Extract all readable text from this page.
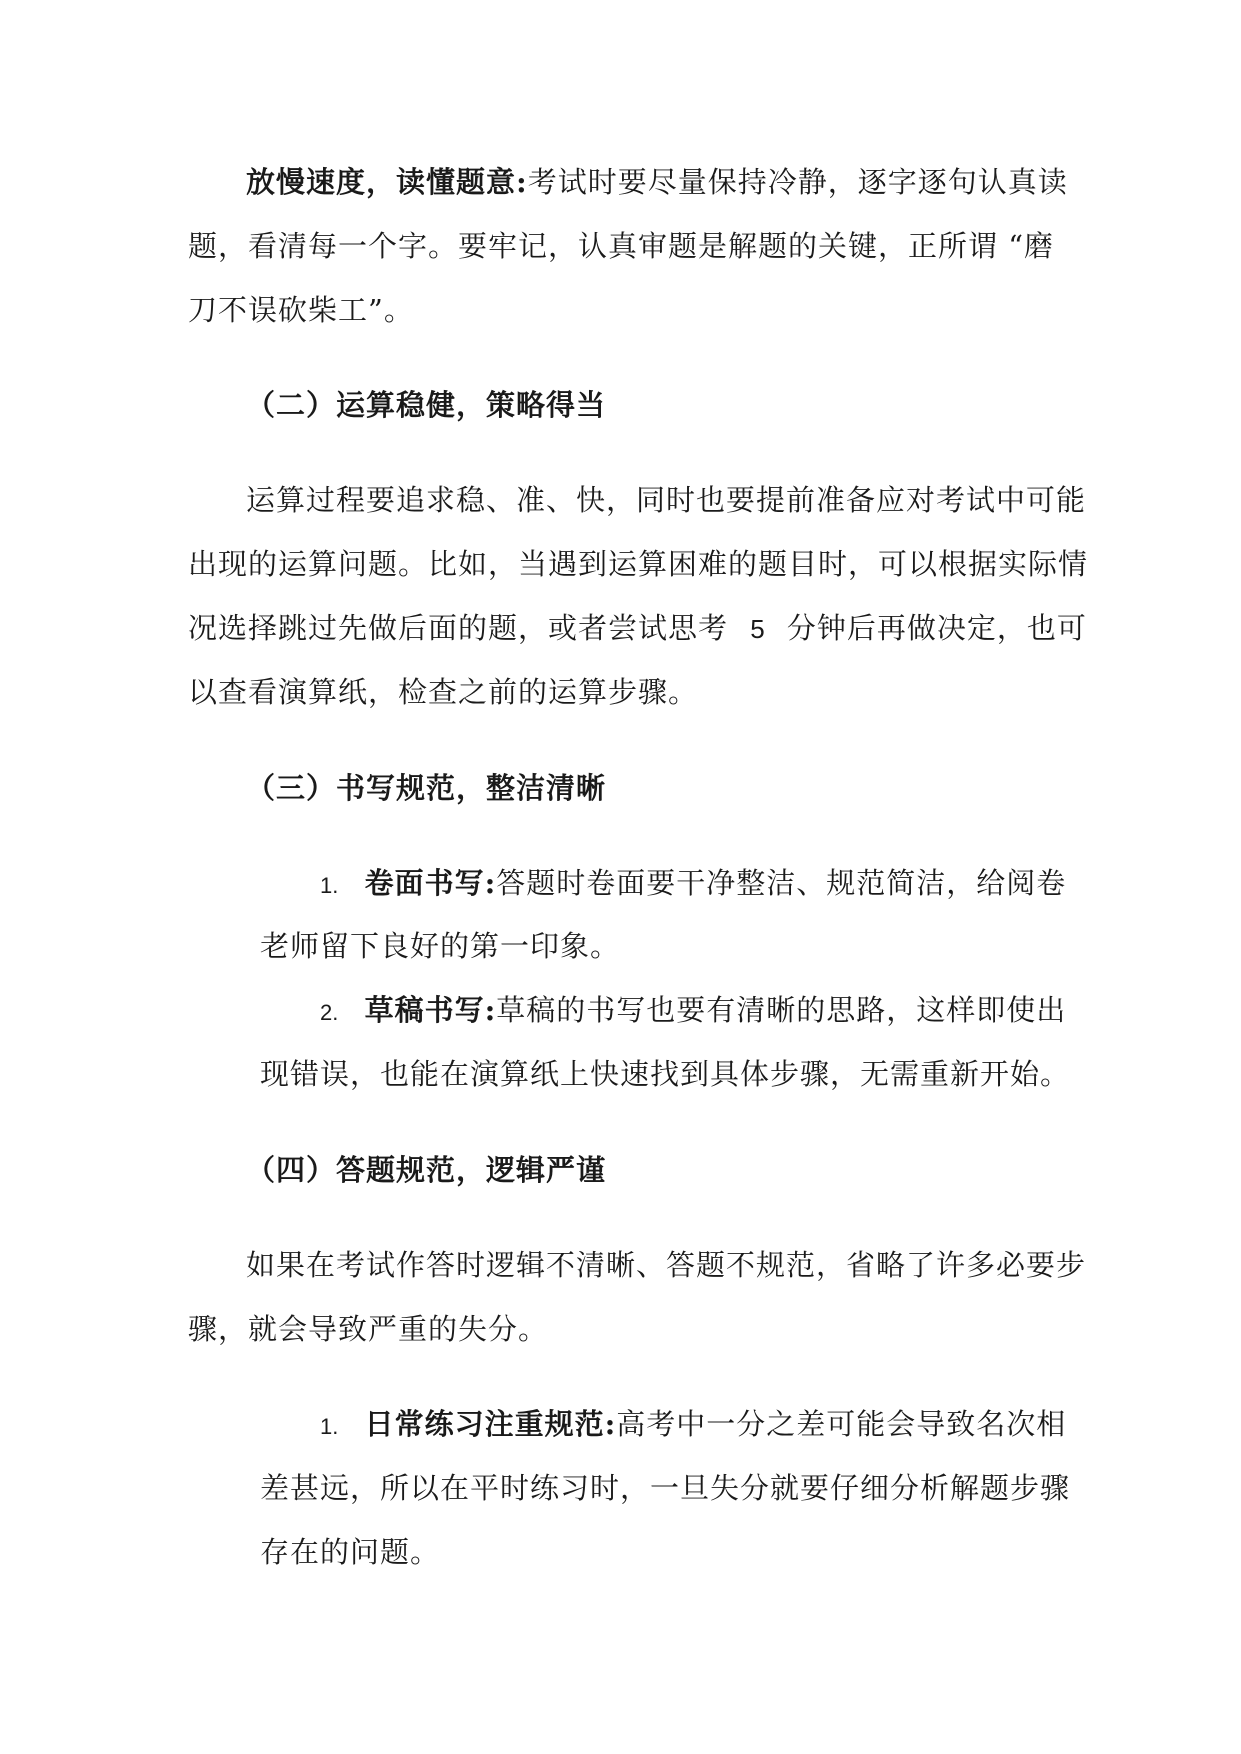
放慢速度，读懂题意:考试时要尽量保持冷静，逐字逐句认真读
题，看清每一个字。要牢记，认真审题是解题的关键，正所谓 “磨
刀不误砍柴工”。
（二）运算稳健，策略得当
运算过程要追求稳、准、快，同时也要提前准备应对考试中可能
出现的运算问题。比如，当遇到运算困难的题目时，可以根据实际情
况选择跳过先做后面的题，或者尝试思考 5 分钟后再做决定，也可
以查看演算纸，检查之前的运算步骤。
（三）书写规范，整洁清晰
1. 卷面书写:答题时卷面要干净整洁、规范简洁，给阅卷
老师留下良好的第一印象。
2. 草稿书写:草稿的书写也要有清晰的思路，这样即使出
现错误，也能在演算纸上快速找到具体步骤，无需重新开始。
（四）答题规范，逻辑严谨
如果在考试作答时逻辑不清晰、答题不规范，省略了许多必要步
骤，就会导致严重的失分。
1. 日常练习注重规范:高考中一分之差可能会导致名次相
差甚远，所以在平时练习时，一旦失分就要仔细分析解题步骤
存在的问题。
